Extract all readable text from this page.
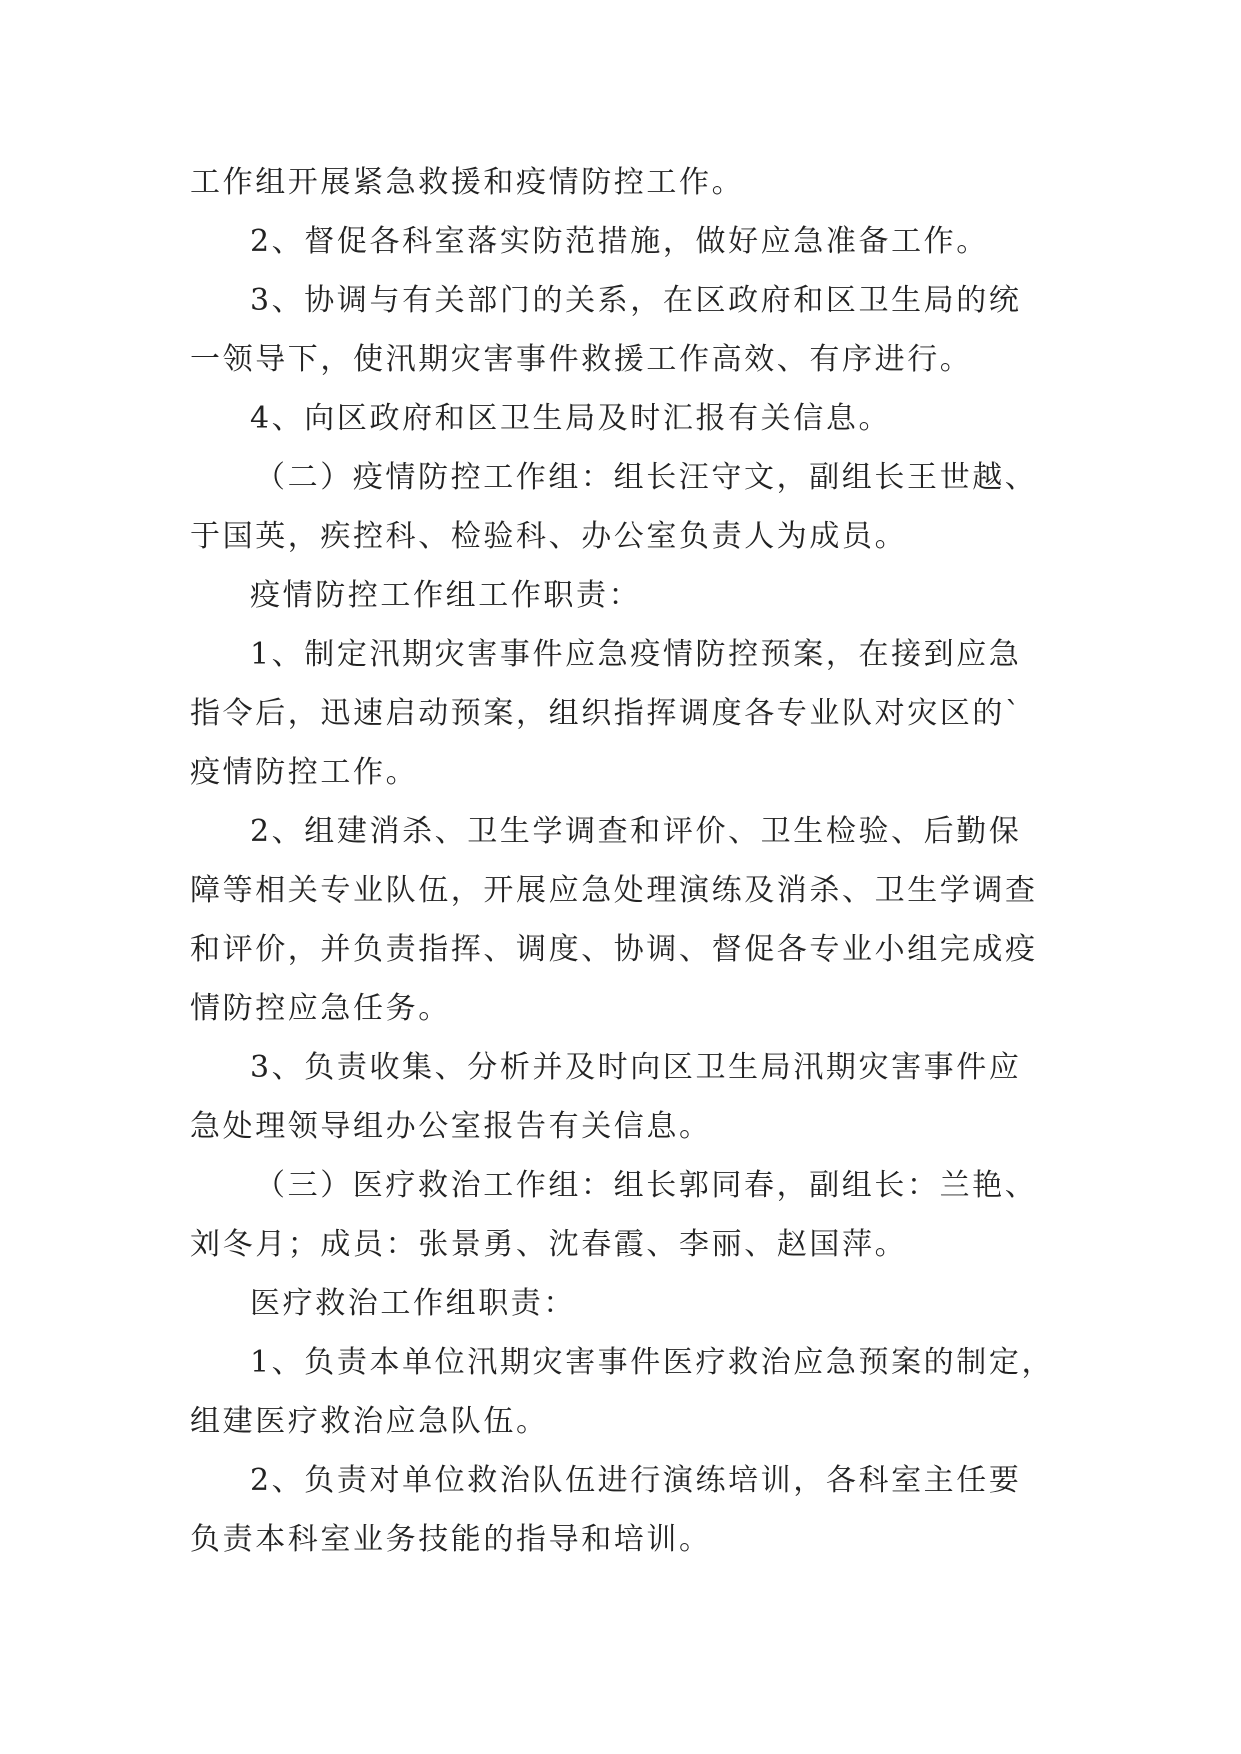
工作组开展紧急救援和疫情防控工作。
2、督促各科室落实防范措施，做好应急准备工作。
3、协调与有关部门的关系，在区政府和区卫生局的统
一领导下，使汛期灾害事件救援工作高效、有序进行。
4、向区政府和区卫生局及时汇报有关信息。
（二）疫情防控工作组：组长汪守文，副组长王世越、
于国英，疾控科、检验科、办公室负责人为成员。
疫情防控工作组工作职责：
1、制定汛期灾害事件应急疫情防控预案，在接到应急
指令后，迅速启动预案，组织指挥调度各专业队对灾区的`
疫情防控工作。
2、组建消杀、卫生学调查和评价、卫生检验、后勤保
障等相关专业队伍，开展应急处理演练及消杀、卫生学调查
和评价，并负责指挥、调度、协调、督促各专业小组完成疫
情防控应急任务。
3、负责收集、分析并及时向区卫生局汛期灾害事件应
急处理领导组办公室报告有关信息。
（三）医疗救治工作组：组长郭同春，副组长：兰艳、
刘冬月；成员：张景勇、沈春霞、李丽、赵国萍。
医疗救治工作组职责：
1、负责本单位汛期灾害事件医疗救治应急预案的制定，
组建医疗救治应急队伍。
2、负责对单位救治队伍进行演练培训，各科室主任要
负责本科室业务技能的指导和培训。
